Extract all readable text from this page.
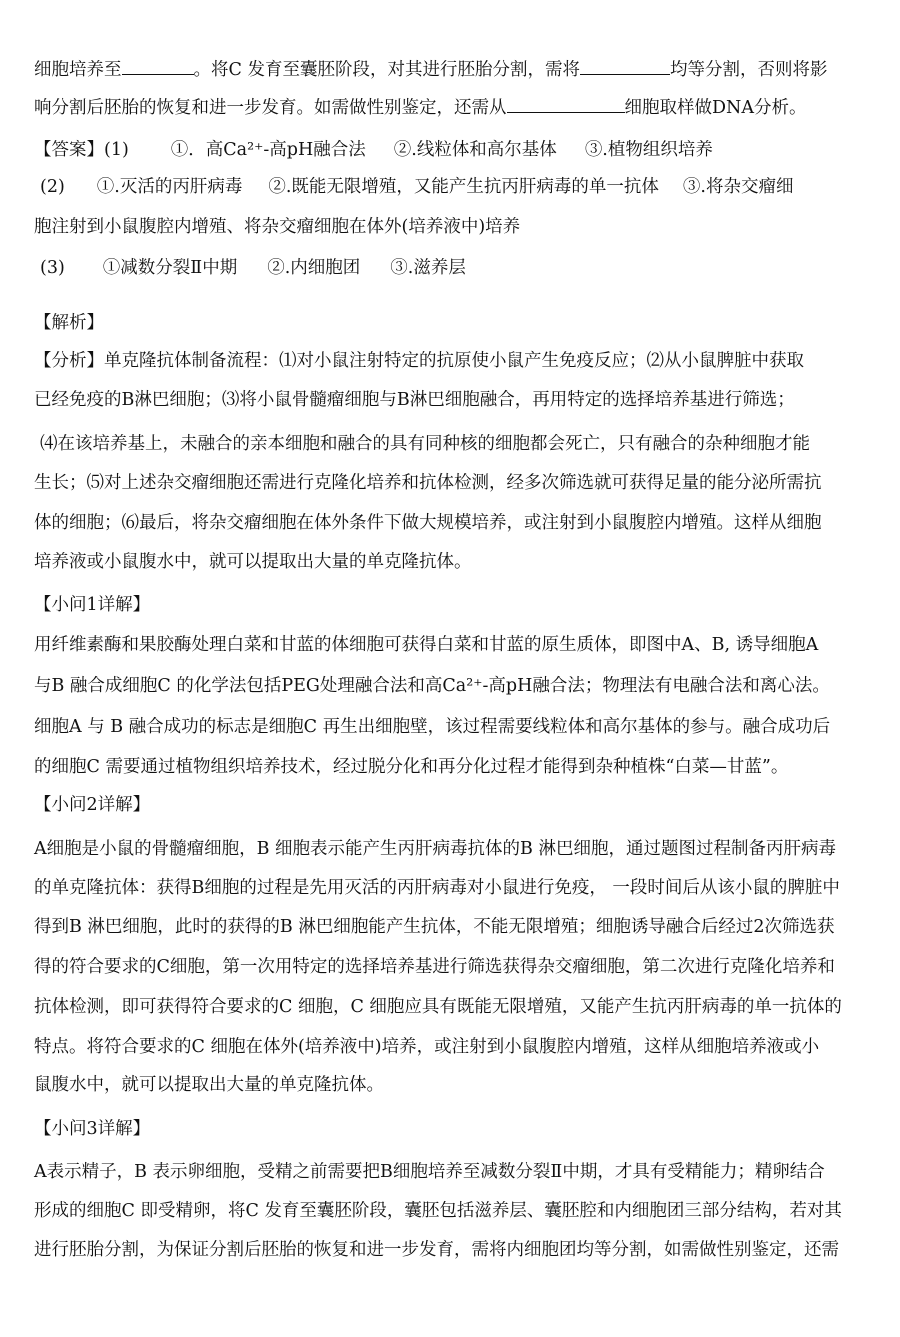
细胞培养至	。将C 发育至囊胚阶段，对其进行胚胎分割，需将	均等分割，否则将影
响分割后胚胎的恢复和进一步发育。如需做性别鉴定，还需从	细胞取样做DNA分析。
【答案】(1) ①．高Ca²⁺-高pH融合法 ②.线粒体和高尔基体 ③.植物组织培养
(2) ①.灭活的丙肝病毒 ②.既能无限增殖，又能产生抗丙肝病毒的单一抗体 ③.将杂交瘤细
胞注射到小鼠腹腔内增殖、将杂交瘤细胞在体外(培养液中)培养
(3) ①减数分裂Ⅱ中期 ②.内细胞团 ③.滋养层
【解析】
【分析】单克隆抗体制备流程：⑴对小鼠注射特定的抗原使小鼠产生免疫反应；⑵从小鼠脾脏中获取
已经免疫的B淋巴细胞；⑶将小鼠骨髓瘤细胞与B淋巴细胞融合，再用特定的选择培养基进行筛选；
⑷在该培养基上，未融合的亲本细胞和融合的具有同种核的细胞都会死亡，只有融合的杂种细胞才能
生长；⑸对上述杂交瘤细胞还需进行克隆化培养和抗体检测，经多次筛选就可获得足量的能分泌所需抗
体的细胞；⑹最后，将杂交瘤细胞在体外条件下做大规模培养，或注射到小鼠腹腔内增殖。这样从细胞
培养液或小鼠腹水中，就可以提取出大量的单克隆抗体。
【小问1详解】
用纤维素酶和果胶酶处理白菜和甘蓝的体细胞可获得白菜和甘蓝的原生质体，即图中A、B, 诱导细胞A
与B 融合成细胞C 的化学法包括PEG处理融合法和高Ca²⁺-高pH融合法；物理法有电融合法和离心法。
细胞A 与 B 融合成功的标志是细胞C 再生出细胞壁，该过程需要线粒体和高尔基体的参与。融合成功后
的细胞C 需要通过植物组织培养技术，经过脱分化和再分化过程才能得到杂种植株“白菜—甘蓝”。
【小问2详解】
A细胞是小鼠的骨髓瘤细胞，B 细胞表示能产生丙肝病毒抗体的B 淋巴细胞，通过题图过程制备丙肝病毒
的单克隆抗体：获得B细胞的过程是先用灭活的丙肝病毒对小鼠进行免疫， 一段时间后从该小鼠的脾脏中
得到B 淋巴细胞，此时的获得的B 淋巴细胞能产生抗体，不能无限增殖；细胞诱导融合后经过2次筛选获
得的符合要求的C细胞，第一次用特定的选择培养基进行筛选获得杂交瘤细胞，第二次进行克隆化培养和
抗体检测，即可获得符合要求的C 细胞，C 细胞应具有既能无限增殖，又能产生抗丙肝病毒的单一抗体的
特点。将符合要求的C 细胞在体外(培养液中)培养，或注射到小鼠腹腔内增殖，这样从细胞培养液或小
鼠腹水中，就可以提取出大量的单克隆抗体。
【小问3详解】
A表示精子，B 表示卵细胞，受精之前需要把B细胞培养至减数分裂Ⅱ中期，才具有受精能力；精卵结合
形成的细胞C 即受精卵，将C 发育至囊胚阶段，囊胚包括滋养层、囊胚腔和内细胞团三部分结构，若对其
进行胚胎分割，为保证分割后胚胎的恢复和进一步发育，需将内细胞团均等分割，如需做性别鉴定，还需
